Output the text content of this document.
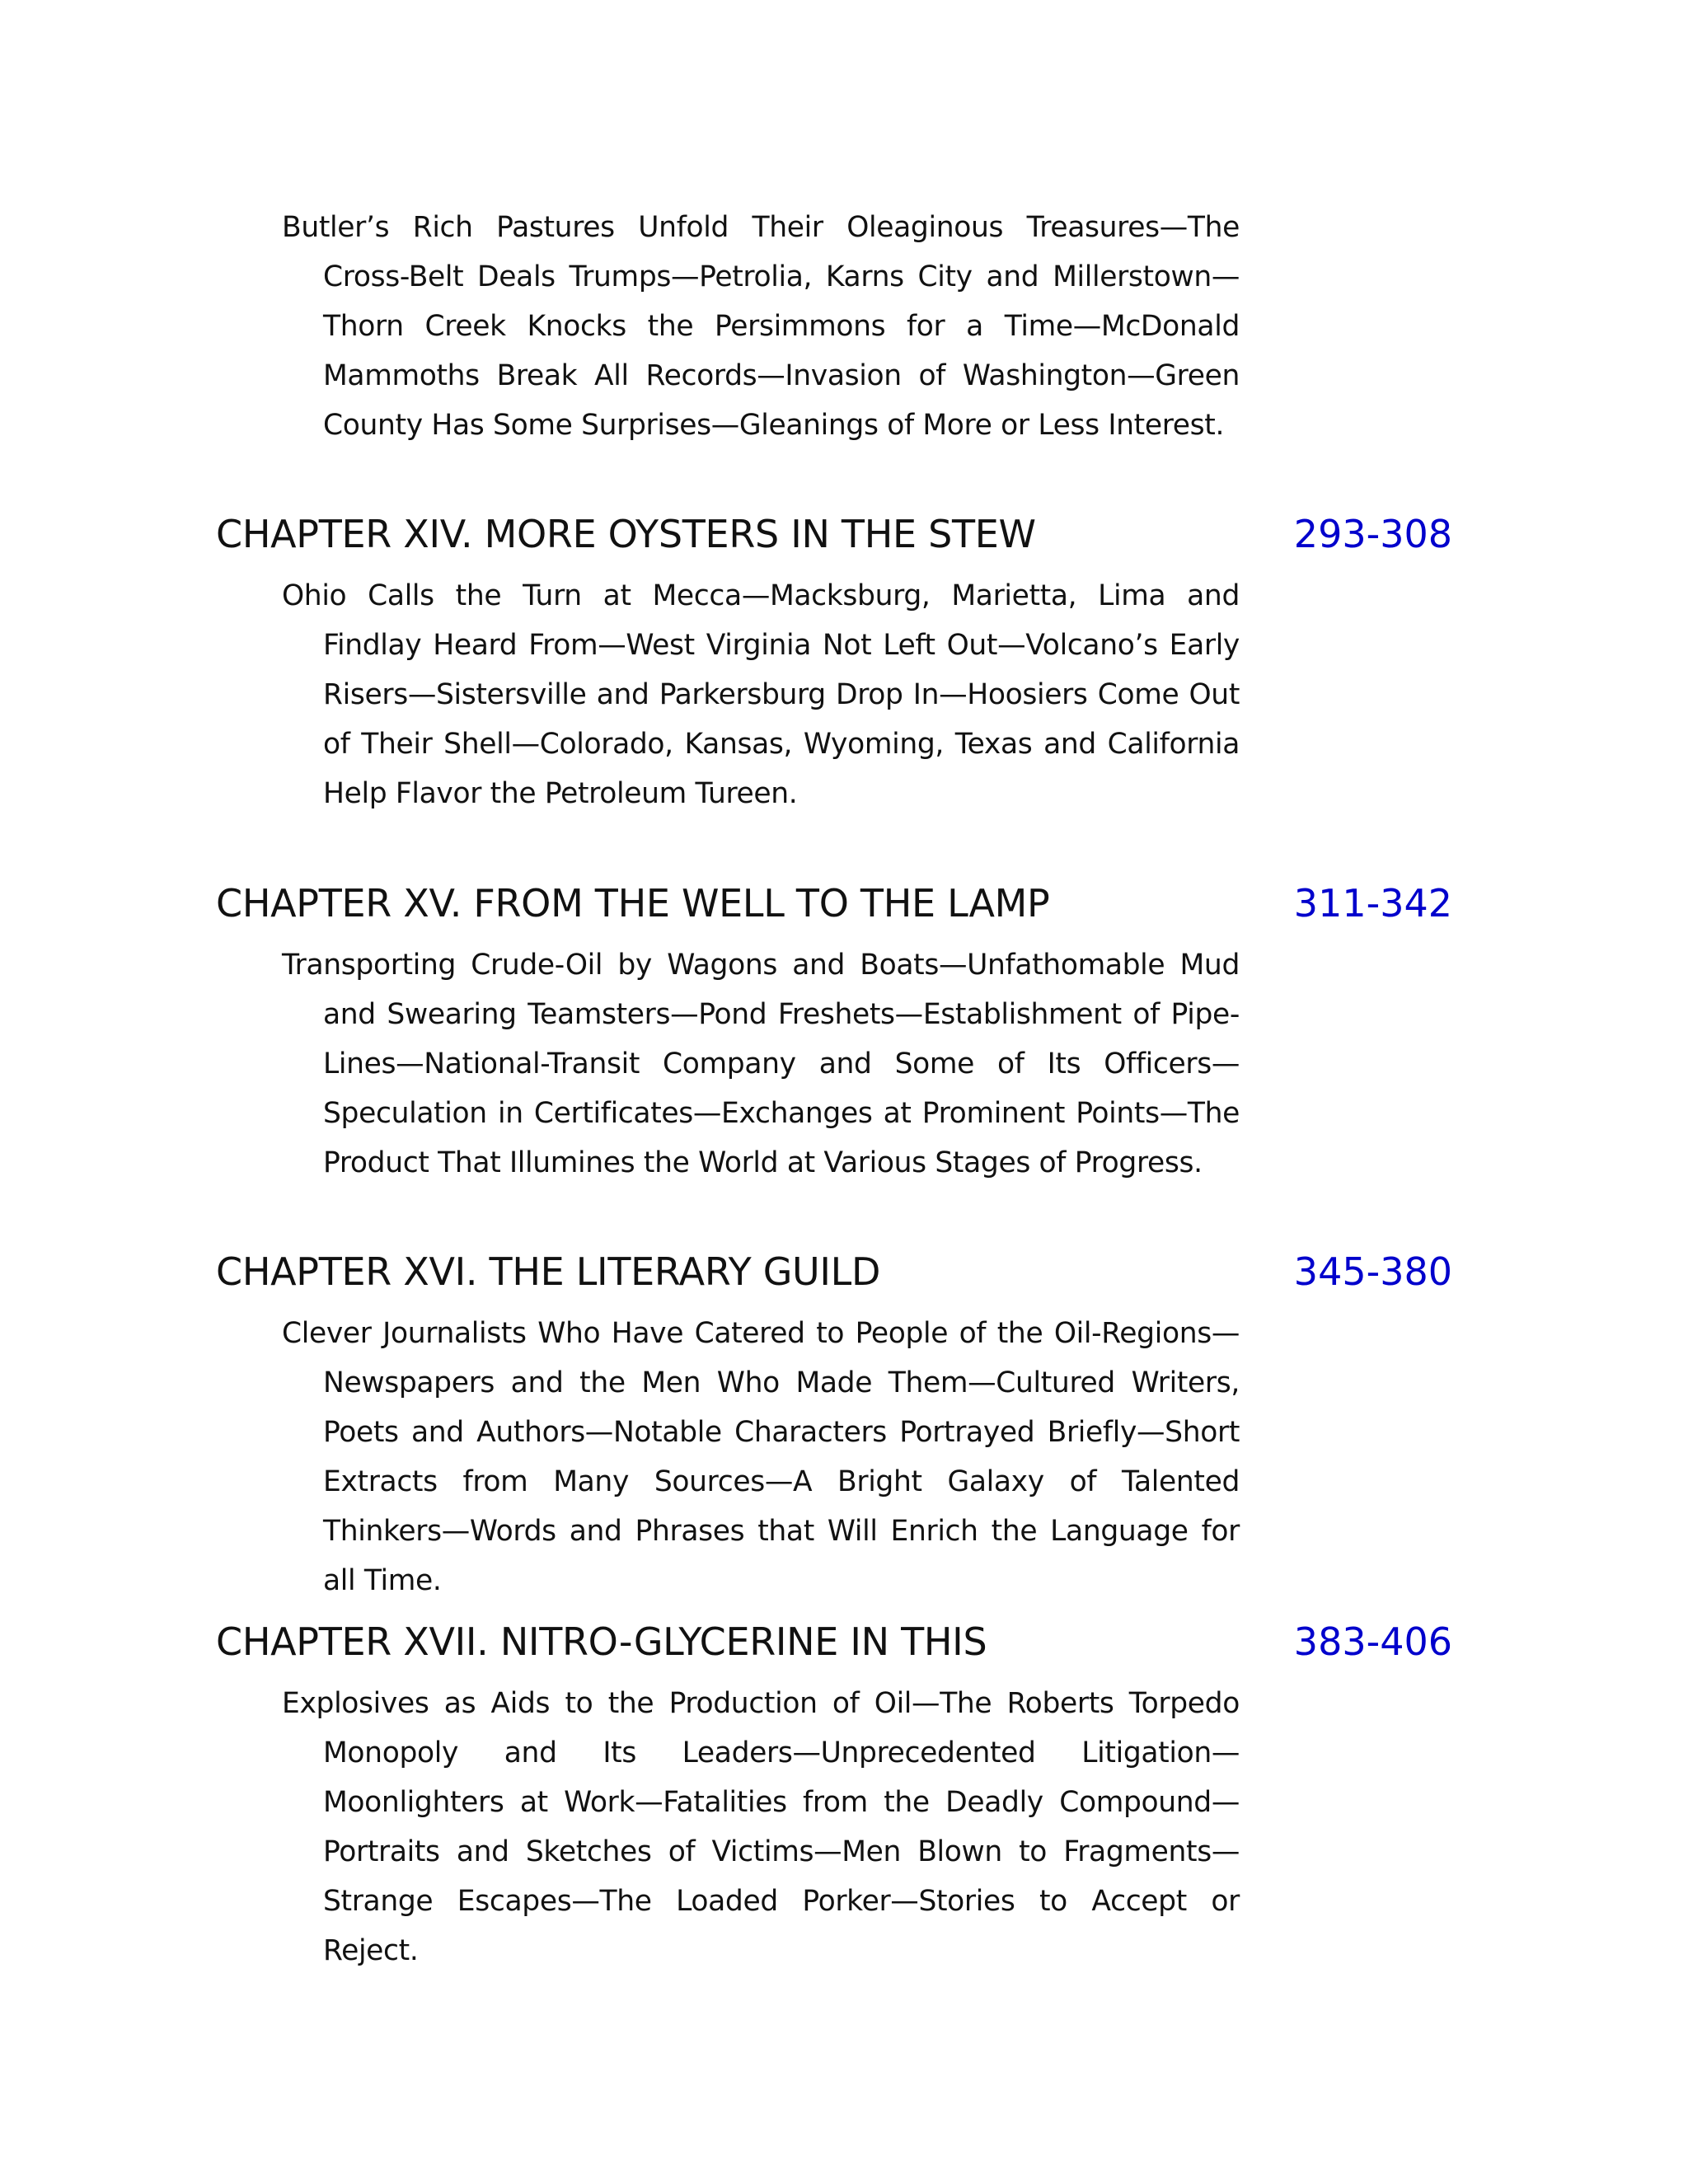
Butler’s Rich Pastures Unfold Their Oleaginous Treasures—The Cross-Belt Deals Trumps—Petrolia, Karns City and Millerstown—Thorn Creek Knocks the Persimmons for a Time—McDonald Mammoths Break All Records—Invasion of Washington—Green County Has Some Surprises—Gleanings of More or Less Interest.

CHAPTER XIV. MORE OYSTERS IN THE STEW	293-308

Ohio Calls the Turn at Mecca—Macksburg, Marietta, Lima and Findlay Heard From—West Virginia Not Left Out—Volcano’s Early Risers—Sistersville and Parkersburg Drop In—Hoosiers Come Out of Their Shell—Colorado, Kansas, Wyoming, Texas and California Help Flavor the Petroleum Tureen.

CHAPTER XV. FROM THE WELL TO THE LAMP	311-342

Transporting Crude-Oil by Wagons and Boats—Unfathomable Mud and Swearing Teamsters—Pond Freshets—Establishment of Pipe-Lines—National-Transit Company and Some of Its Officers—Speculation in Certificates—Exchanges at Prominent Points—The Product That Illumines the World at Various Stages of Progress.

CHAPTER XVI. THE LITERARY GUILD	345-380

Clever Journalists Who Have Catered to People of the Oil-Regions—Newspapers and the Men Who Made Them—Cultured Writers, Poets and Authors—Notable Characters Portrayed Briefly—Short Extracts from Many Sources—A Bright Galaxy of Talented Thinkers—Words and Phrases that Will Enrich the Language for all Time.

CHAPTER XVII. NITRO-GLYCERINE IN THIS	383-406

Explosives as Aids to the Production of Oil—The Roberts Torpedo Monopoly and Its Leaders—Unprecedented Litigation—Moonlighters at Work—Fatalities from the Deadly Compound—Portraits and Sketches of Victims—Men Blown to Fragments—Strange Escapes—The Loaded Porker—Stories to Accept or Reject.
